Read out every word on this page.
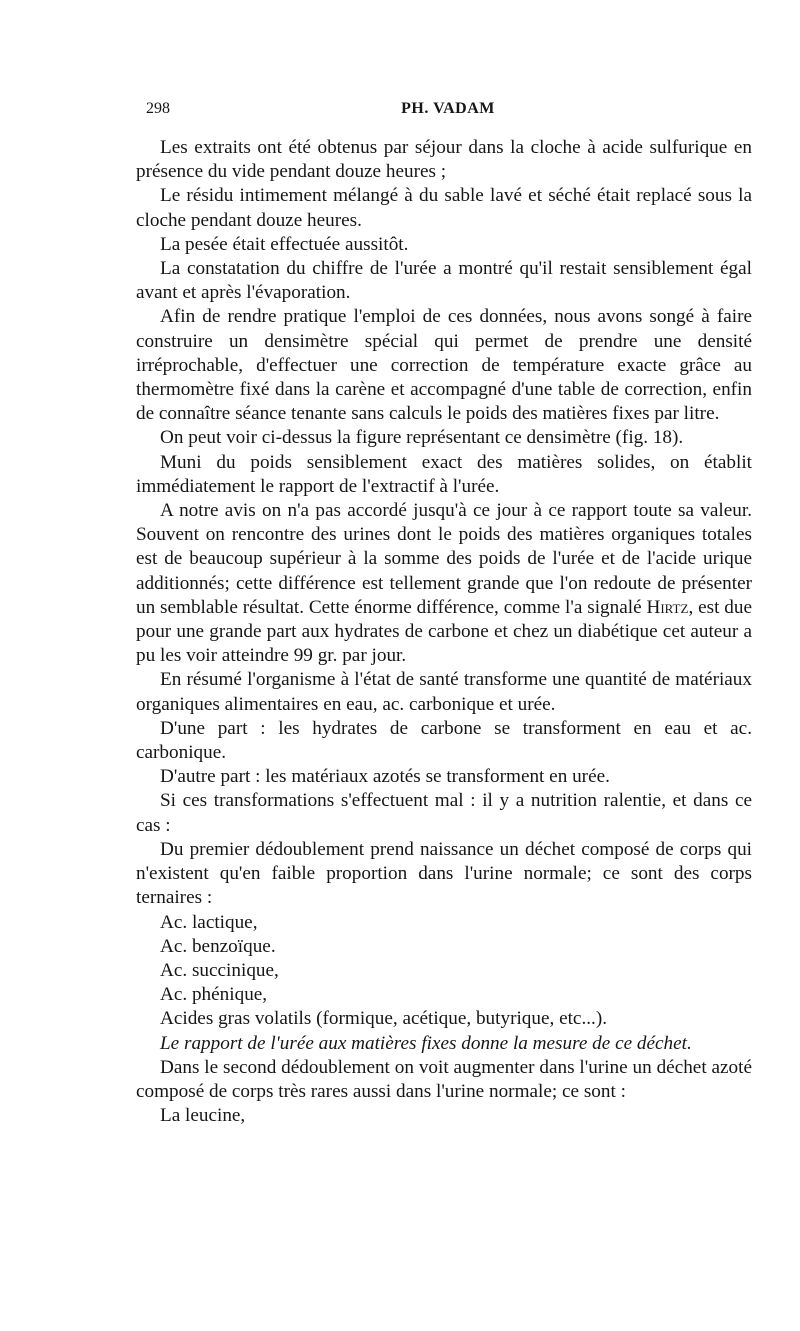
298	PH. VADAM

Les extraits ont été obtenus par séjour dans la cloche à acide sulfurique en présence du vide pendant douze heures ;

Le résidu intimement mélangé à du sable lavé et séché était replacé sous la cloche pendant douze heures.

La pesée était effectuée aussitôt.

La constatation du chiffre de l'urée a montré qu'il restait sensiblement égal avant et après l'évaporation.

Afin de rendre pratique l'emploi de ces données, nous avons songé à faire construire un densimètre spécial qui permet de prendre une densité irréprochable, d'effectuer une correction de température exacte grâce au thermomètre fixé dans la carène et accompagné d'une table de correction, enfin de connaître séance tenante sans calculs le poids des matières fixes par litre.

On peut voir ci-dessus la figure représentant ce densimètre (fig. 18).

Muni du poids sensiblement exact des matières solides, on établit immédiatement le rapport de l'extractif à l'urée.

A notre avis on n'a pas accordé jusqu'à ce jour à ce rapport toute sa valeur. Souvent on rencontre des urines dont le poids des matières organiques totales est de beaucoup supérieur à la somme des poids de l'urée et de l'acide urique additionnés; cette différence est tellement grande que l'on redoute de présenter un semblable résultat. Cette énorme différence, comme l'a signalé Hirtz, est due pour une grande part aux hydrates de carbone et chez un diabétique cet auteur a pu les voir atteindre 99 gr. par jour.

En résumé l'organisme à l'état de santé transforme une quantité de matériaux organiques alimentaires en eau, ac. carbonique et urée.

D'une part : les hydrates de carbone se transforment en eau et ac. carbonique.

D'autre part : les matériaux azotés se transforment en urée.

Si ces transformations s'effectuent mal : il y a nutrition ralentie, et dans ce cas :

Du premier dédoublement prend naissance un déchet composé de corps qui n'existent qu'en faible proportion dans l'urine normale; ce sont des corps ternaires :

Ac. lactique,

Ac. benzoïque.

Ac. succinique,

Ac. phénique,

Acides gras volatils (formique, acétique, butyrique, etc...).

Le rapport de l'urée aux matières fixes donne la mesure de ce déchet.

Dans le second dédoublement on voit augmenter dans l'urine un déchet azoté composé de corps très rares aussi dans l'urine normale; ce sont :

La leucine,
